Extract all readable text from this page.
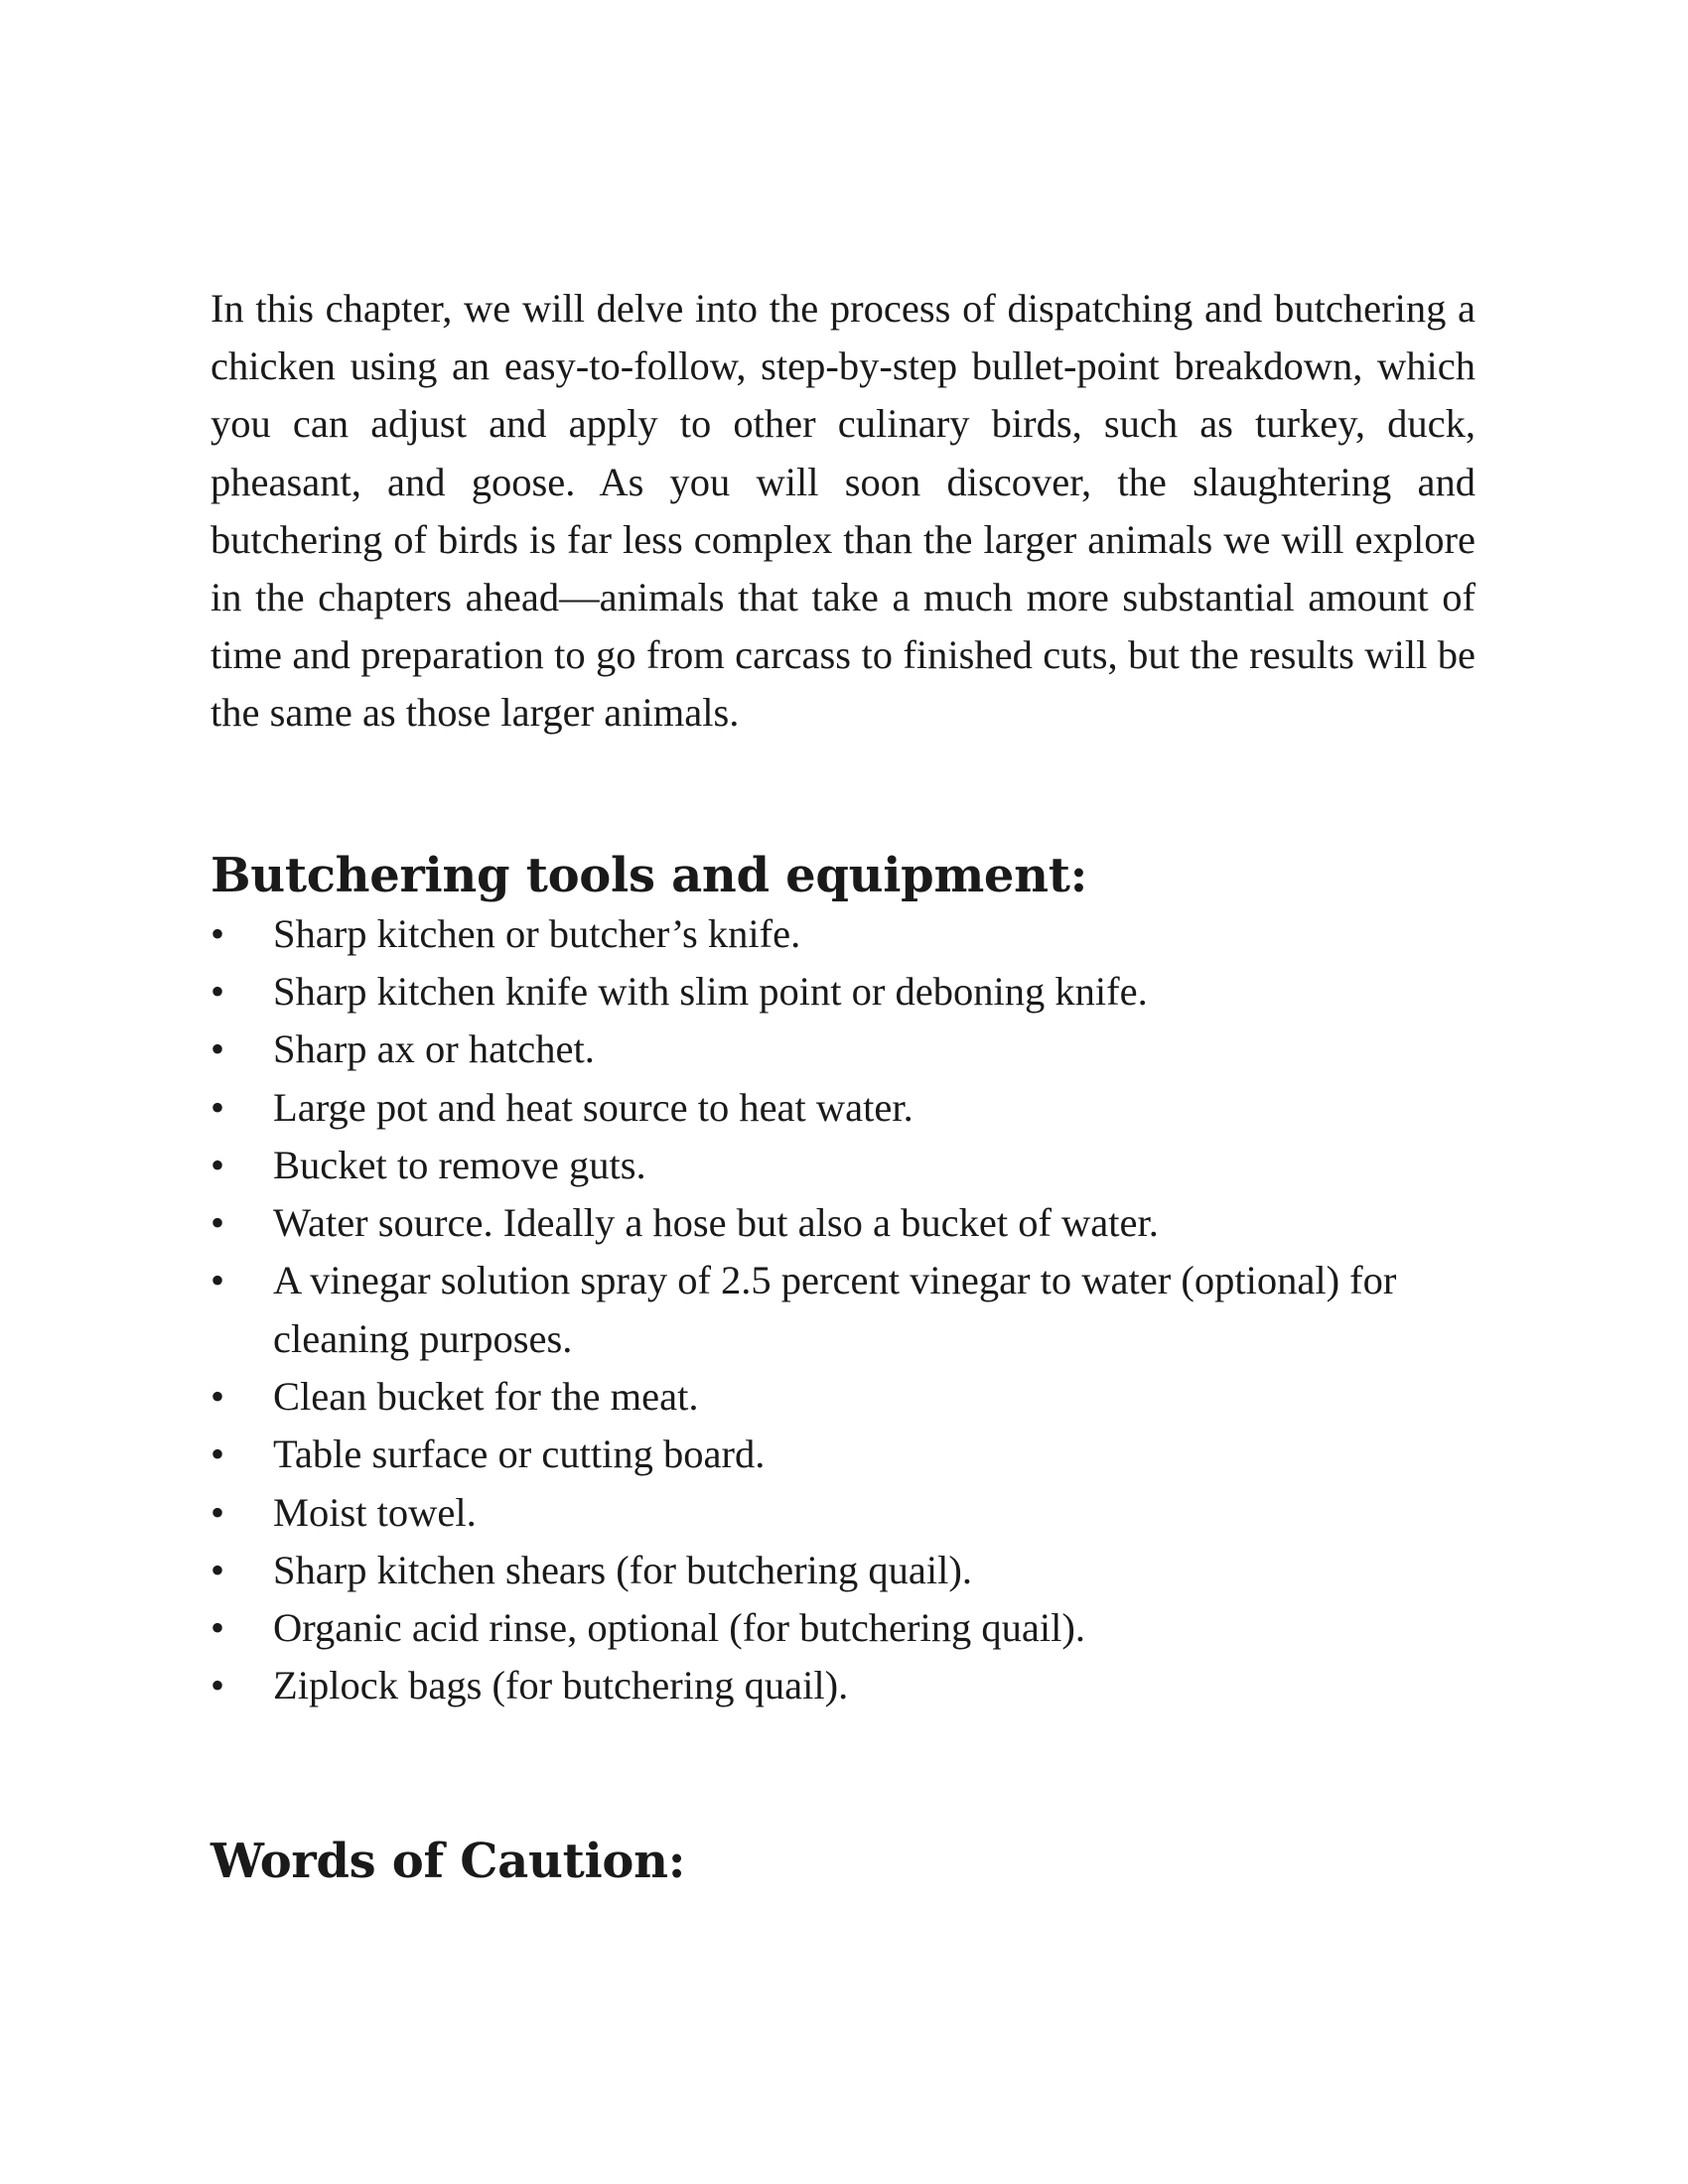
In this chapter, we will delve into the process of dispatching and butchering a chicken using an easy-to-follow, step-by-step bullet-point breakdown, which you can adjust and apply to other culinary birds, such as turkey, duck, pheasant, and goose. As you will soon discover, the slaughtering and butchering of birds is far less complex than the larger animals we will explore in the chapters ahead—animals that take a much more substantial amount of time and preparation to go from carcass to finished cuts, but the results will be the same as those larger animals.

Butchering tools and equipment:
•	Sharp kitchen or butcher’s knife.
•	Sharp kitchen knife with slim point or deboning knife.
•	Sharp ax or hatchet.
•	Large pot and heat source to heat water.
•	Bucket to remove guts.
•	Water source. Ideally a hose but also a bucket of water.
•	A vinegar solution spray of 2.5 percent vinegar to water (optional) for cleaning purposes.
•	Clean bucket for the meat.
•	Table surface or cutting board.
•	Moist towel.
•	Sharp kitchen shears (for butchering quail).
•	Organic acid rinse, optional (for butchering quail).
•	Ziplock bags (for butchering quail).
Words of Caution:
